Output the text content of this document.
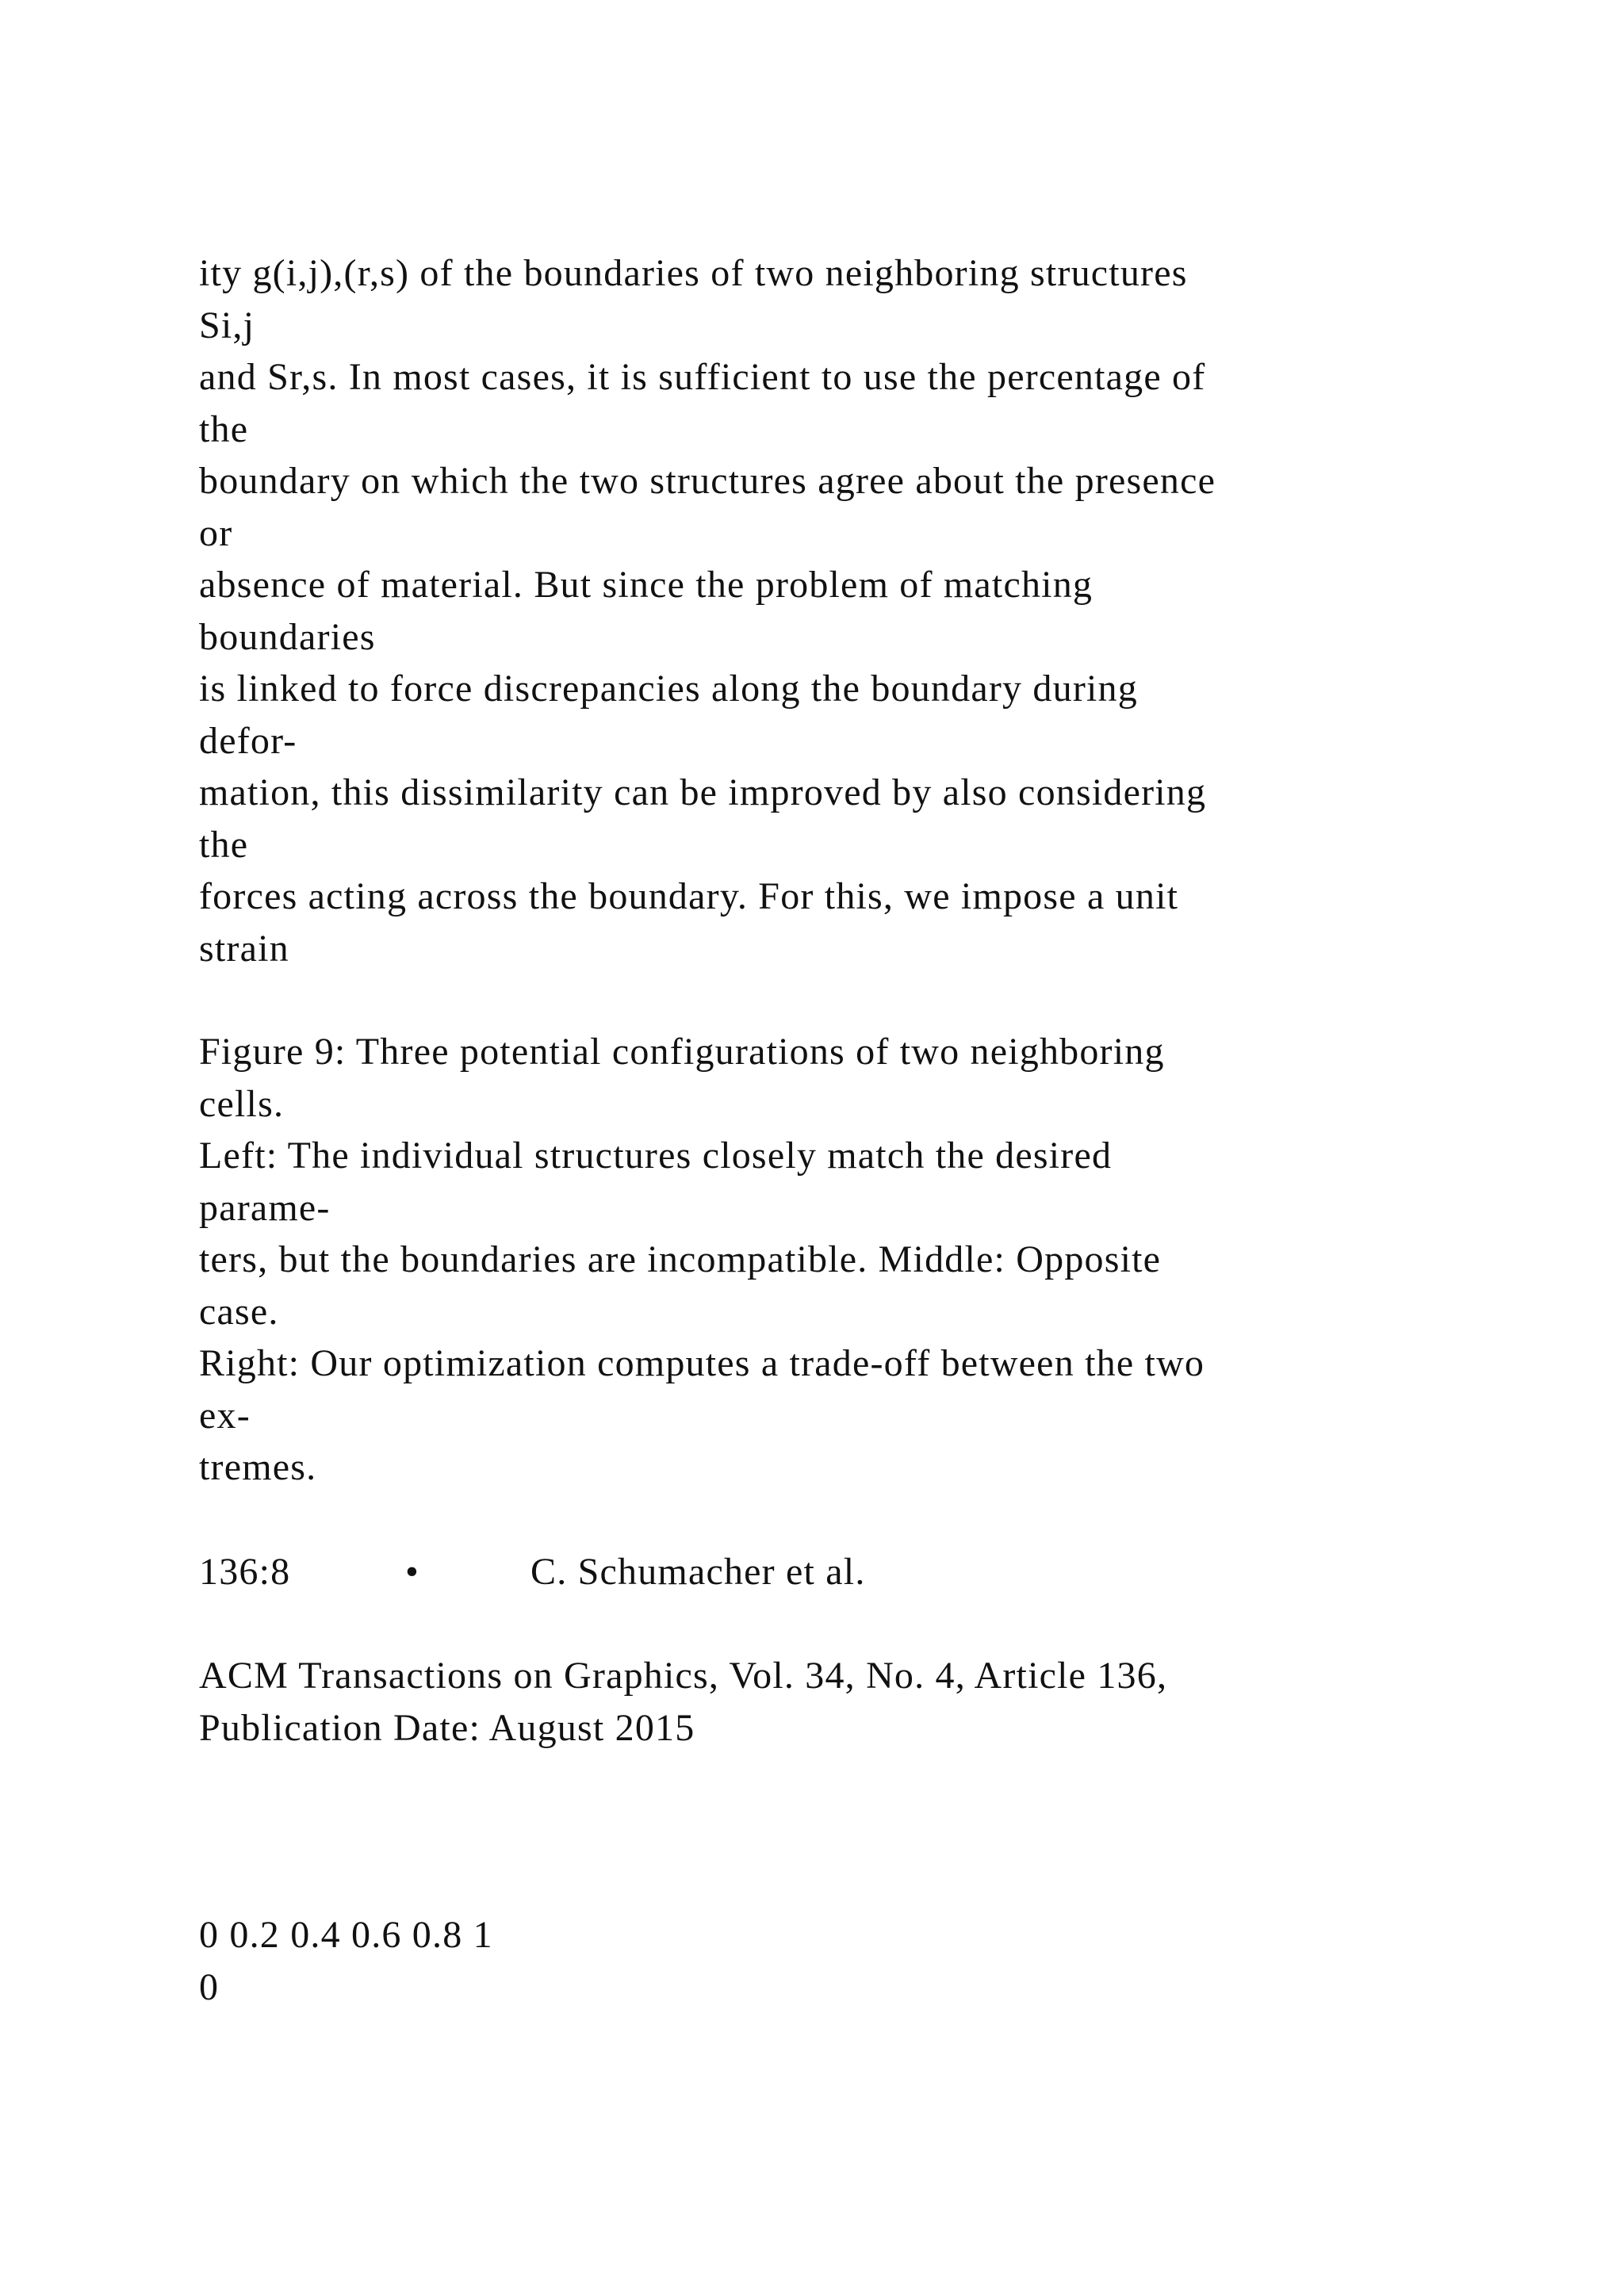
ity g(i,j),(r,s) of the boundaries of two neighboring structures
Si,j
and Sr,s. In most cases, it is sufficient to use the percentage of
the
boundary on which the two structures agree about the presence
or
absence of material. But since the problem of matching
boundaries
is linked to force discrepancies along the boundary during
defor-
mation, this dissimilarity can be improved by also considering
the
forces acting across the boundary. For this, we impose a unit
strain
Figure 9: Three potential configurations of two neighboring
cells.
Left: The individual structures closely match the desired
parame-
ters, but the boundaries are incompatible. Middle: Opposite
case.
Right: Our optimization computes a trade-off between the two
ex-
tremes.

136:8

	•

	C. Schumacher et al.

ACM Transactions on Graphics, Vol. 34, No. 4, Article 136,
Publication Date: August 2015
0 0.2 0.4 0.6 0.8 1
0
